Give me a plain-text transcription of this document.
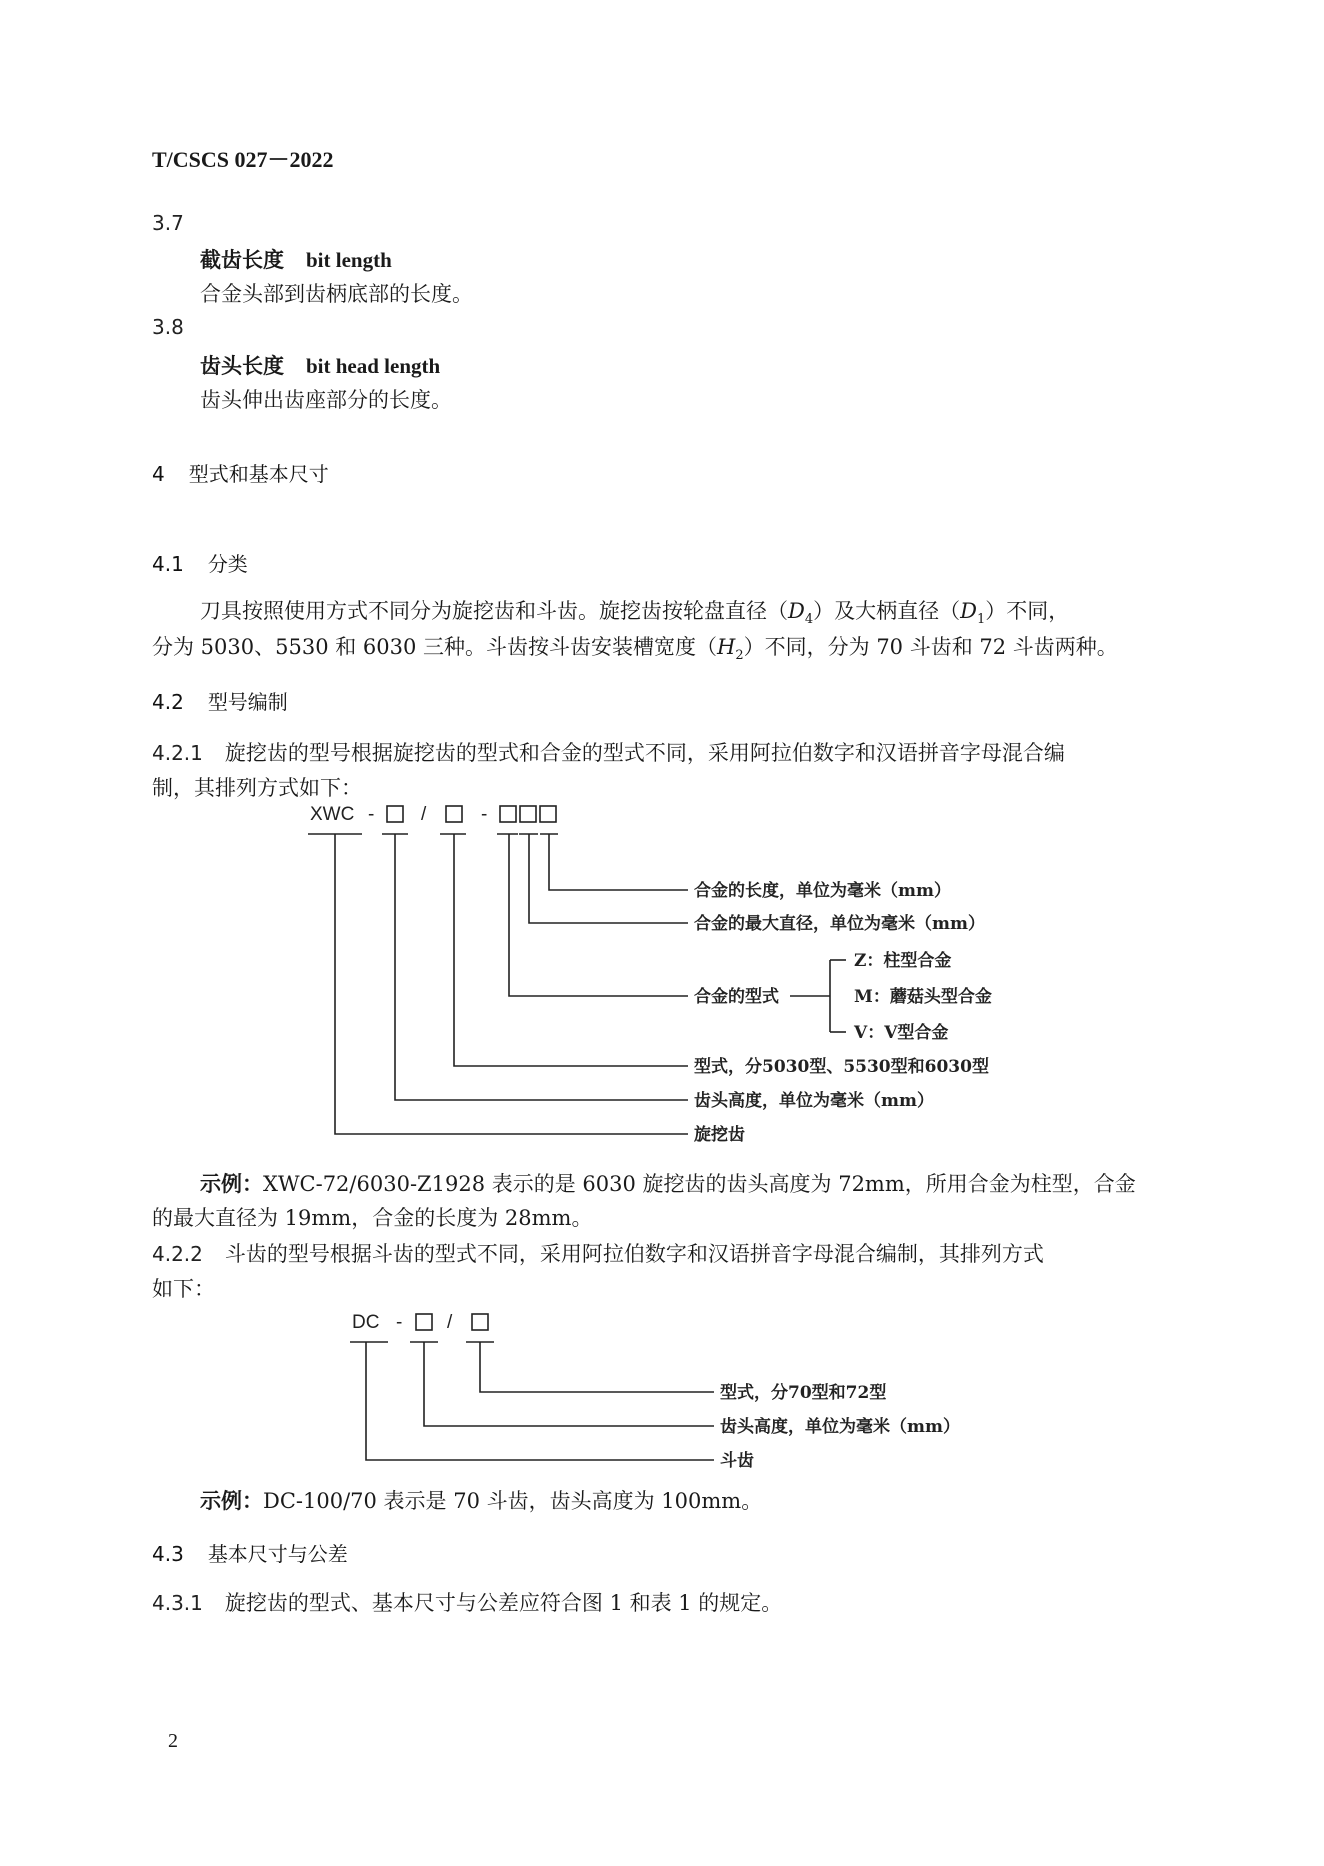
T/CSCS 027－2022
3.7
截齿长度 bit length
合金头部到齿柄底部的长度。
3.8
齿头长度 bit head length
齿头伸出齿座部分的长度。
4 型式和基本尺寸
4.1 分类
刀具按照使用方式不同分为旋挖齿和斗齿。旋挖齿按轮盘直径$(D_4)$及大柄直径$(D_1)$不同，
分为 5030、5530 和 6030 三种。斗齿按斗齿安装槽宽度$(H_2)$不同，分为 70 斗齿和 72 斗齿两种。
4.2 型号编制
4.2.1 旋挖齿的型号根据旋挖齿的型式和合金的型式不同，采用阿拉伯数字和汉语拼音字母混合编
制，其排列方式如下：
XWC - /	-
合金的长度，单位为毫米（mm）
合金的最大直径，单位为毫米（mm）
合金的型式
Z：柱型合金
M：蘑菇头型合金
V：V型合金
型式，分5030型、5530型和6030型
齿头高度，单位为毫米（mm）
旋挖齿
示例：XWC-72/6030-Z1928 表示的是 6030 旋挖齿的齿头高度为 72mm，所用合金为柱型，合金
的最大直径为 19mm，合金的长度为 28mm。
4.2.2 斗齿的型号根据斗齿的型式不同，采用阿拉伯数字和汉语拼音字母混合编制，其排列方式
如下：
DC - /
型式，分70型和72型
齿头高度，单位为毫米（mm）
斗齿
示例：DC-100/70 表示是 70 斗齿，齿头高度为 100mm。
4.3 基本尺寸与公差
4.3.1 旋挖齿的型式、基本尺寸与公差应符合图 1 和表 1 的规定。
2
